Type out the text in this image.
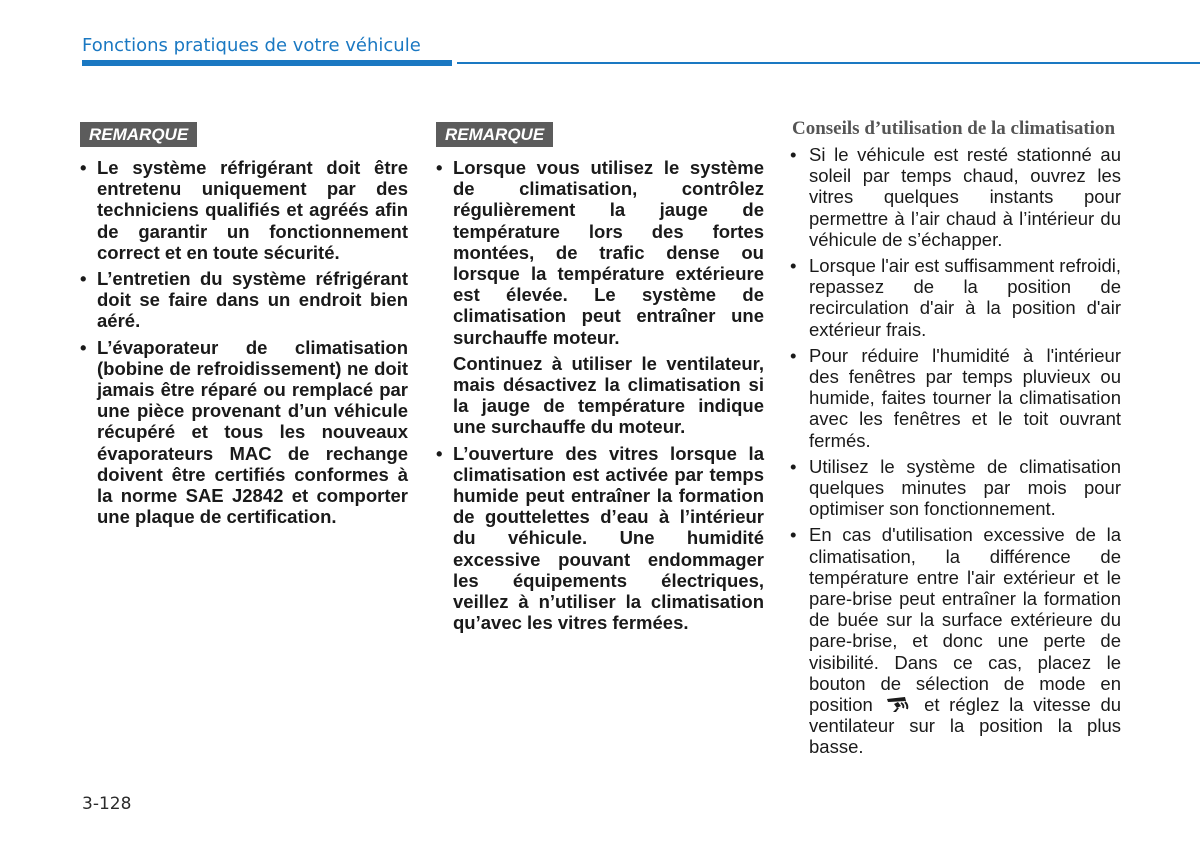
Fonctions pratiques de votre véhicule
REMARQUE
• Le système réfrigérant doit être entretenu uniquement par des techniciens qualifiés et agréés afin de garantir un fonctionnement correct et en toute sécurité.
• L’entretien du système réfrigérant doit se faire dans un endroit bien aéré.
• L’évaporateur de climatisation (bobine de refroidissement) ne doit jamais être réparé ou remplacé par une pièce provenant d’un véhicule récupéré et tous les nouveaux évaporateurs MAC de rechange doivent être certifiés conformes à la norme SAE J2842 et comporter une plaque de certification.
REMARQUE
• Lorsque vous utilisez le système de climatisation, contrôlez régulièrement la jauge de température lors des fortes montées, de trafic dense ou lorsque la température extérieure est élevée. Le système de climatisation peut entraîner une surchauffe moteur.
Continuez à utiliser le ventilateur, mais désactivez la climatisation si la jauge de température indique une surchauffe du moteur.
• L’ouverture des vitres lorsque la climatisation est activée par temps humide peut entraîner la formation de gouttelettes d’eau à l’intérieur du véhicule. Une humidité excessive pouvant endommager les équipements électriques, veillez à n’utiliser la climatisation qu’avec les vitres fermées.
Conseils d’utilisation de la climatisation
• Si le véhicule est resté stationné au soleil par temps chaud, ouvrez les vitres quelques instants pour permettre à l’air chaud à l’intérieur du véhicule de s’échapper.
• Lorsque l'air est suffisamment refroidi, repassez de la position de recirculation d'air à la position d'air extérieur frais.
• Pour réduire l'humidité à l'intérieur des fenêtres par temps pluvieux ou humide, faites tourner la climatisation avec les fenêtres et le toit ouvrant fermés.
• Utilisez le système de climatisation quelques minutes par mois pour optimiser son fonctionnement.
• En cas d'utilisation excessive de la climatisation, la différence de température entre l'air extérieur et le pare-brise peut entraîner la formation de buée sur la surface extérieure du pare-brise, et donc une perte de visibilité. Dans ce cas, placez le bouton de sélection de mode en position	et réglez la vitesse du ventilateur sur la position la plus basse.
3-128
